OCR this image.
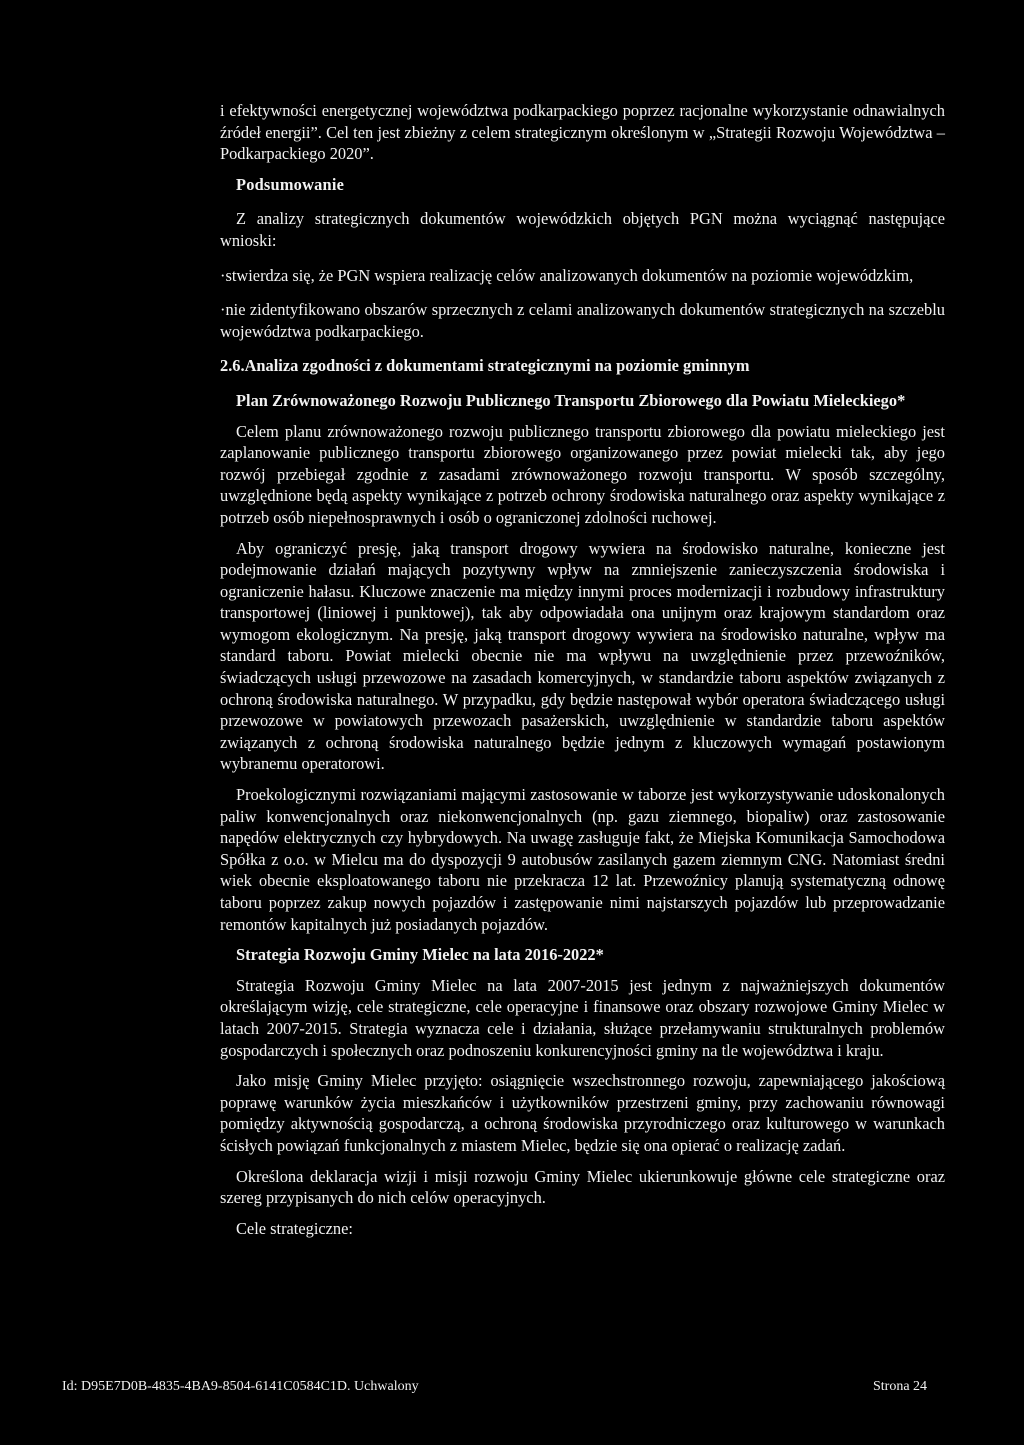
i efektywności energetycznej województwa podkarpackiego poprzez racjonalne wykorzystanie odnawialnych źródeł energii”. Cel ten jest zbieżny z celem strategicznym określonym w „Strategii Rozwoju Województwa – Podkarpackiego 2020”.

Podsumowanie

Z analizy strategicznych dokumentów wojewódzkich objętych PGN można wyciągnąć następujące wnioski:

·stwierdza się, że PGN wspiera realizację celów analizowanych dokumentów na poziomie wojewódzkim,

·nie zidentyfikowano obszarów sprzecznych z celami analizowanych dokumentów strategicznych na szczeblu województwa podkarpackiego.

2.6.Analiza zgodności z dokumentami strategicznymi na poziomie gminnym

Plan Zrównoważonego Rozwoju Publicznego Transportu Zbiorowego dla Powiatu Mieleckiego*

Celem planu zrównoważonego rozwoju publicznego transportu zbiorowego dla powiatu mieleckiego jest zaplanowanie publicznego transportu zbiorowego organizowanego przez powiat mielecki tak, aby jego rozwój przebiegał zgodnie z zasadami zrównoważonego rozwoju transportu. W sposób szczególny, uwzględnione będą aspekty wynikające z potrzeb ochrony środowiska naturalnego oraz aspekty wynikające z potrzeb osób niepełnosprawnych i osób o ograniczonej zdolności ruchowej.

Aby ograniczyć presję, jaką transport drogowy wywiera na środowisko naturalne, konieczne jest podejmowanie działań mających pozytywny wpływ na zmniejszenie zanieczyszczenia środowiska i ograniczenie hałasu. Kluczowe znaczenie ma między innymi proces modernizacji i rozbudowy infrastruktury transportowej (liniowej i punktowej), tak aby odpowiadała ona unijnym oraz krajowym standardom oraz wymogom ekologicznym. Na presję, jaką transport drogowy wywiera na środowisko naturalne, wpływ ma standard taboru. Powiat mielecki obecnie nie ma wpływu na uwzględnienie przez przewoźników, świadczących usługi przewozowe na zasadach komercyjnych, w standardzie taboru aspektów związanych z ochroną środowiska naturalnego. W przypadku, gdy będzie następował wybór operatora świadczącego usługi przewozowe w powiatowych przewozach pasażerskich, uwzględnienie w standardzie taboru aspektów związanych z ochroną środowiska naturalnego będzie jednym z kluczowych wymagań postawionym wybranemu operatorowi.

Proekologicznymi rozwiązaniami mającymi zastosowanie w taborze jest wykorzystywanie udoskonalonych paliw konwencjonalnych oraz niekonwencjonalnych (np. gazu ziemnego, biopaliw) oraz zastosowanie napędów elektrycznych czy hybrydowych. Na uwagę zasługuje fakt, że Miejska Komunikacja Samochodowa Spółka z o.o. w Mielcu ma do dyspozycji 9 autobusów zasilanych gazem ziemnym CNG. Natomiast średni wiek obecnie eksploatowanego taboru nie przekracza 12 lat. Przewoźnicy planują systematyczną odnowę taboru poprzez zakup nowych pojazdów i zastępowanie nimi najstarszych pojazdów lub przeprowadzanie remontów kapitalnych już posiadanych pojazdów.

Strategia Rozwoju Gminy Mielec na lata 2016-2022*

Strategia Rozwoju Gminy Mielec na lata 2007-2015 jest jednym z najważniejszych dokumentów określającym wizję, cele strategiczne, cele operacyjne i finansowe oraz obszary rozwojowe Gminy Mielec w latach 2007-2015. Strategia wyznacza cele i działania, służące przełamywaniu strukturalnych problemów gospodarczych i społecznych oraz podnoszeniu konkurencyjności gminy na tle województwa i kraju.

Jako misję Gminy Mielec przyjęto: osiągnięcie wszechstronnego rozwoju, zapewniającego jakościową poprawę warunków życia mieszkańców i użytkowników przestrzeni gminy, przy zachowaniu równowagi pomiędzy aktywnością gospodarczą, a ochroną środowiska przyrodniczego oraz kulturowego w warunkach ścisłych powiązań funkcjonalnych z miastem Mielec, będzie się ona opierać o realizację zadań.

Określona deklaracja wizji i misji rozwoju Gminy Mielec ukierunkowuje główne cele strategiczne oraz szereg przypisanych do nich celów operacyjnych.

Cele strategiczne:

Id: D95E7D0B-4835-4BA9-8504-6141C0584C1D. Uchwalony	Strona 24
